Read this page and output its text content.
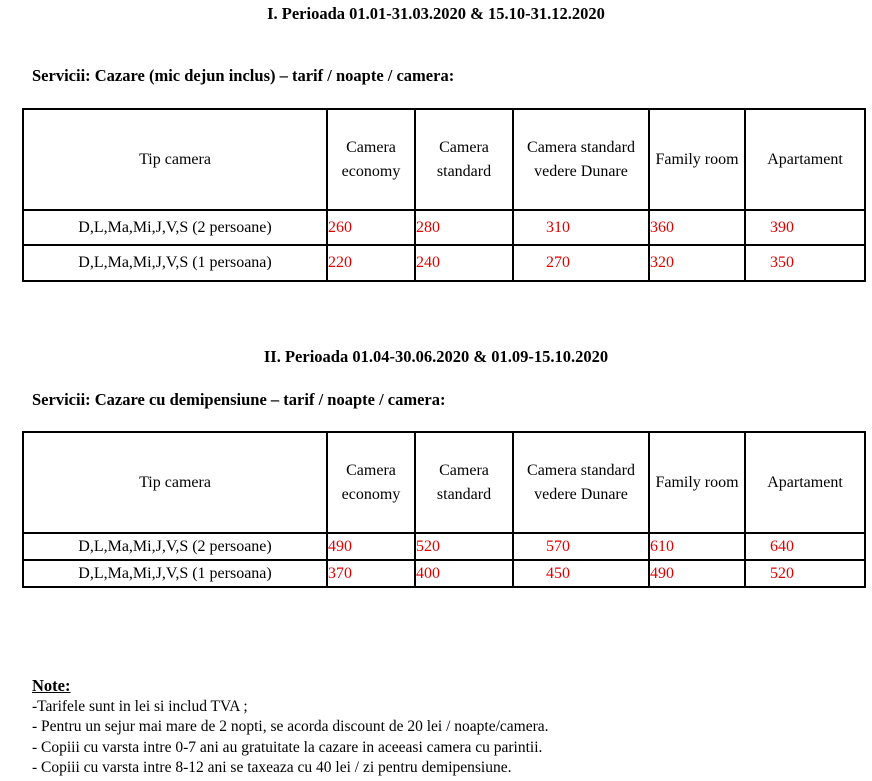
I. Perioada 01.01-31.03.2020 & 15.10-31.12.2020
Servicii: Cazare (mic dejun inclus) – tarif / noapte / camera:
Tip camera	Camera economy	Camera standard	Camera standard vedere Dunare	Family room	Apartament
D,L,Ma,Mi,J,V,S (2 persoane)	260	280	310	360	390
D,L,Ma,Mi,J,V,S (1 persoana)	220	240	270	320	350
II. Perioada 01.04-30.06.2020 & 01.09-15.10.2020
Servicii: Cazare cu demipensiune – tarif / noapte / camera:
Tip camera	Camera economy	Camera standard	Camera standard vedere Dunare	Family room	Apartament
D,L,Ma,Mi,J,V,S (2 persoane)	490	520	570	610	640
D,L,Ma,Mi,J,V,S (1 persoana)	370	400	450	490	520
Note:
-Tarifele sunt in lei si includ TVA ;
- Pentru un sejur mai mare de 2 nopti, se acorda discount de 20 lei / noapte/camera.
- Copiii cu varsta intre 0-7 ani au gratuitate la cazare in aceeasi camera cu parintii.
- Copiii cu varsta intre 8-12 ani se taxeaza cu 40 lei / zi pentru demipensiune.
